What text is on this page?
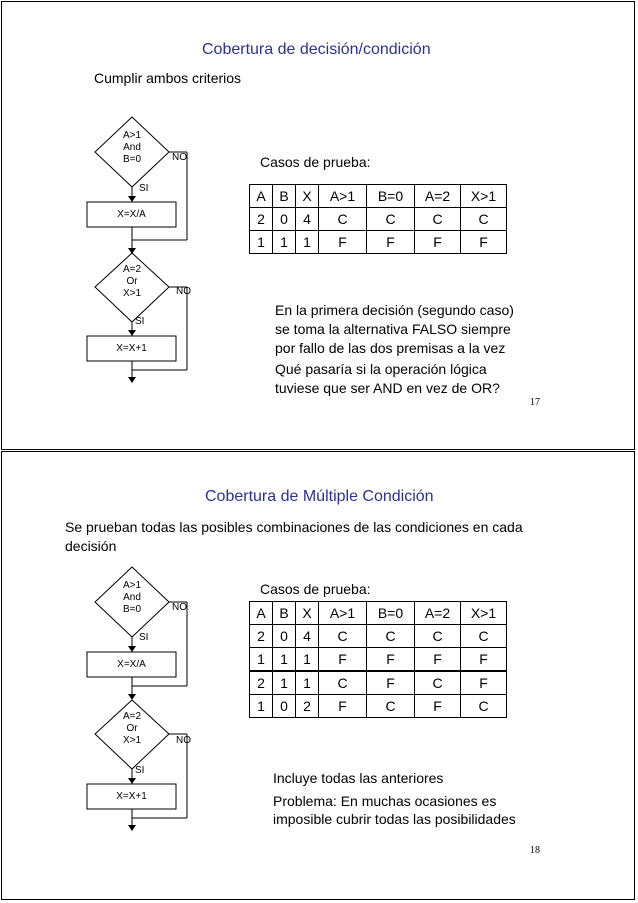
Cobertura de decisión/condición
Cumplir ambos criterios
A>1
And
B=0	NO
SI
X=X/A
A=2
Or
X>1	NO
SI
X=X+1
Casos de prueba:
A	B	X	A>1	B=0	A=2	X>1
2	0	4	C	C	C	C
1	1	1	F	F	F	F
En la primera decisión (segundo caso)
se toma la alternativa FALSO siempre
por fallo de las dos premisas a la vez
Qué pasaría si la operación lógica
tuviese que ser AND en vez de OR?
17
Cobertura de Múltiple Condición
Se prueban todas las posibles combinaciones de las condiciones en cada
decisión
A>1
And
B=0	NO
SI
X=X/A
A=2
Or
X>1	NO
SI
X=X+1
Casos de prueba:
A	B	X	A>1	B=0	A=2	X>1
2	0	4	C	C	C	C
1	1	1	F	F	F	F
2	1	1	C	F	C	F
1	0	2	F	C	F	C
Incluye todas las anteriores
Problema: En muchas ocasiones es
imposible cubrir todas las posibilidades
18
